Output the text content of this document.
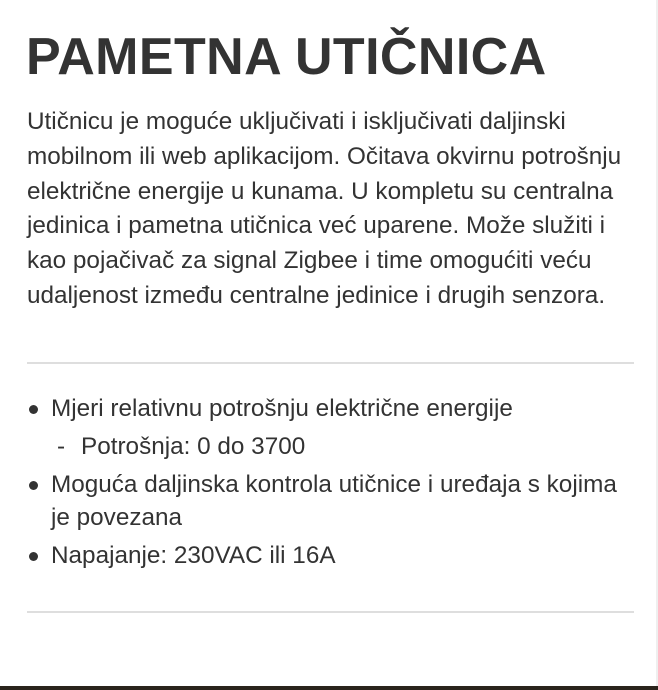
PAMETNA UTIČNICA

Utičnicu je moguće uključivati i isključivati daljinski mobilnom ili web aplikacijom. Očitava okvirnu potrošnju električne energije u kunama. U kompletu su centralna jedinica i pametna utičnica već uparene. Može služiti i kao pojačivač za signal Zigbee i time omogućiti veću udaljenost između centralne jedinice i drugih senzora.

Mjeri relativnu potrošnju električne energije
- Potrošnja: 0 do 3700
Moguća daljinska kontrola utičnice i uređaja s kojima je povezana
Napajanje: 230VAC ili 16A
